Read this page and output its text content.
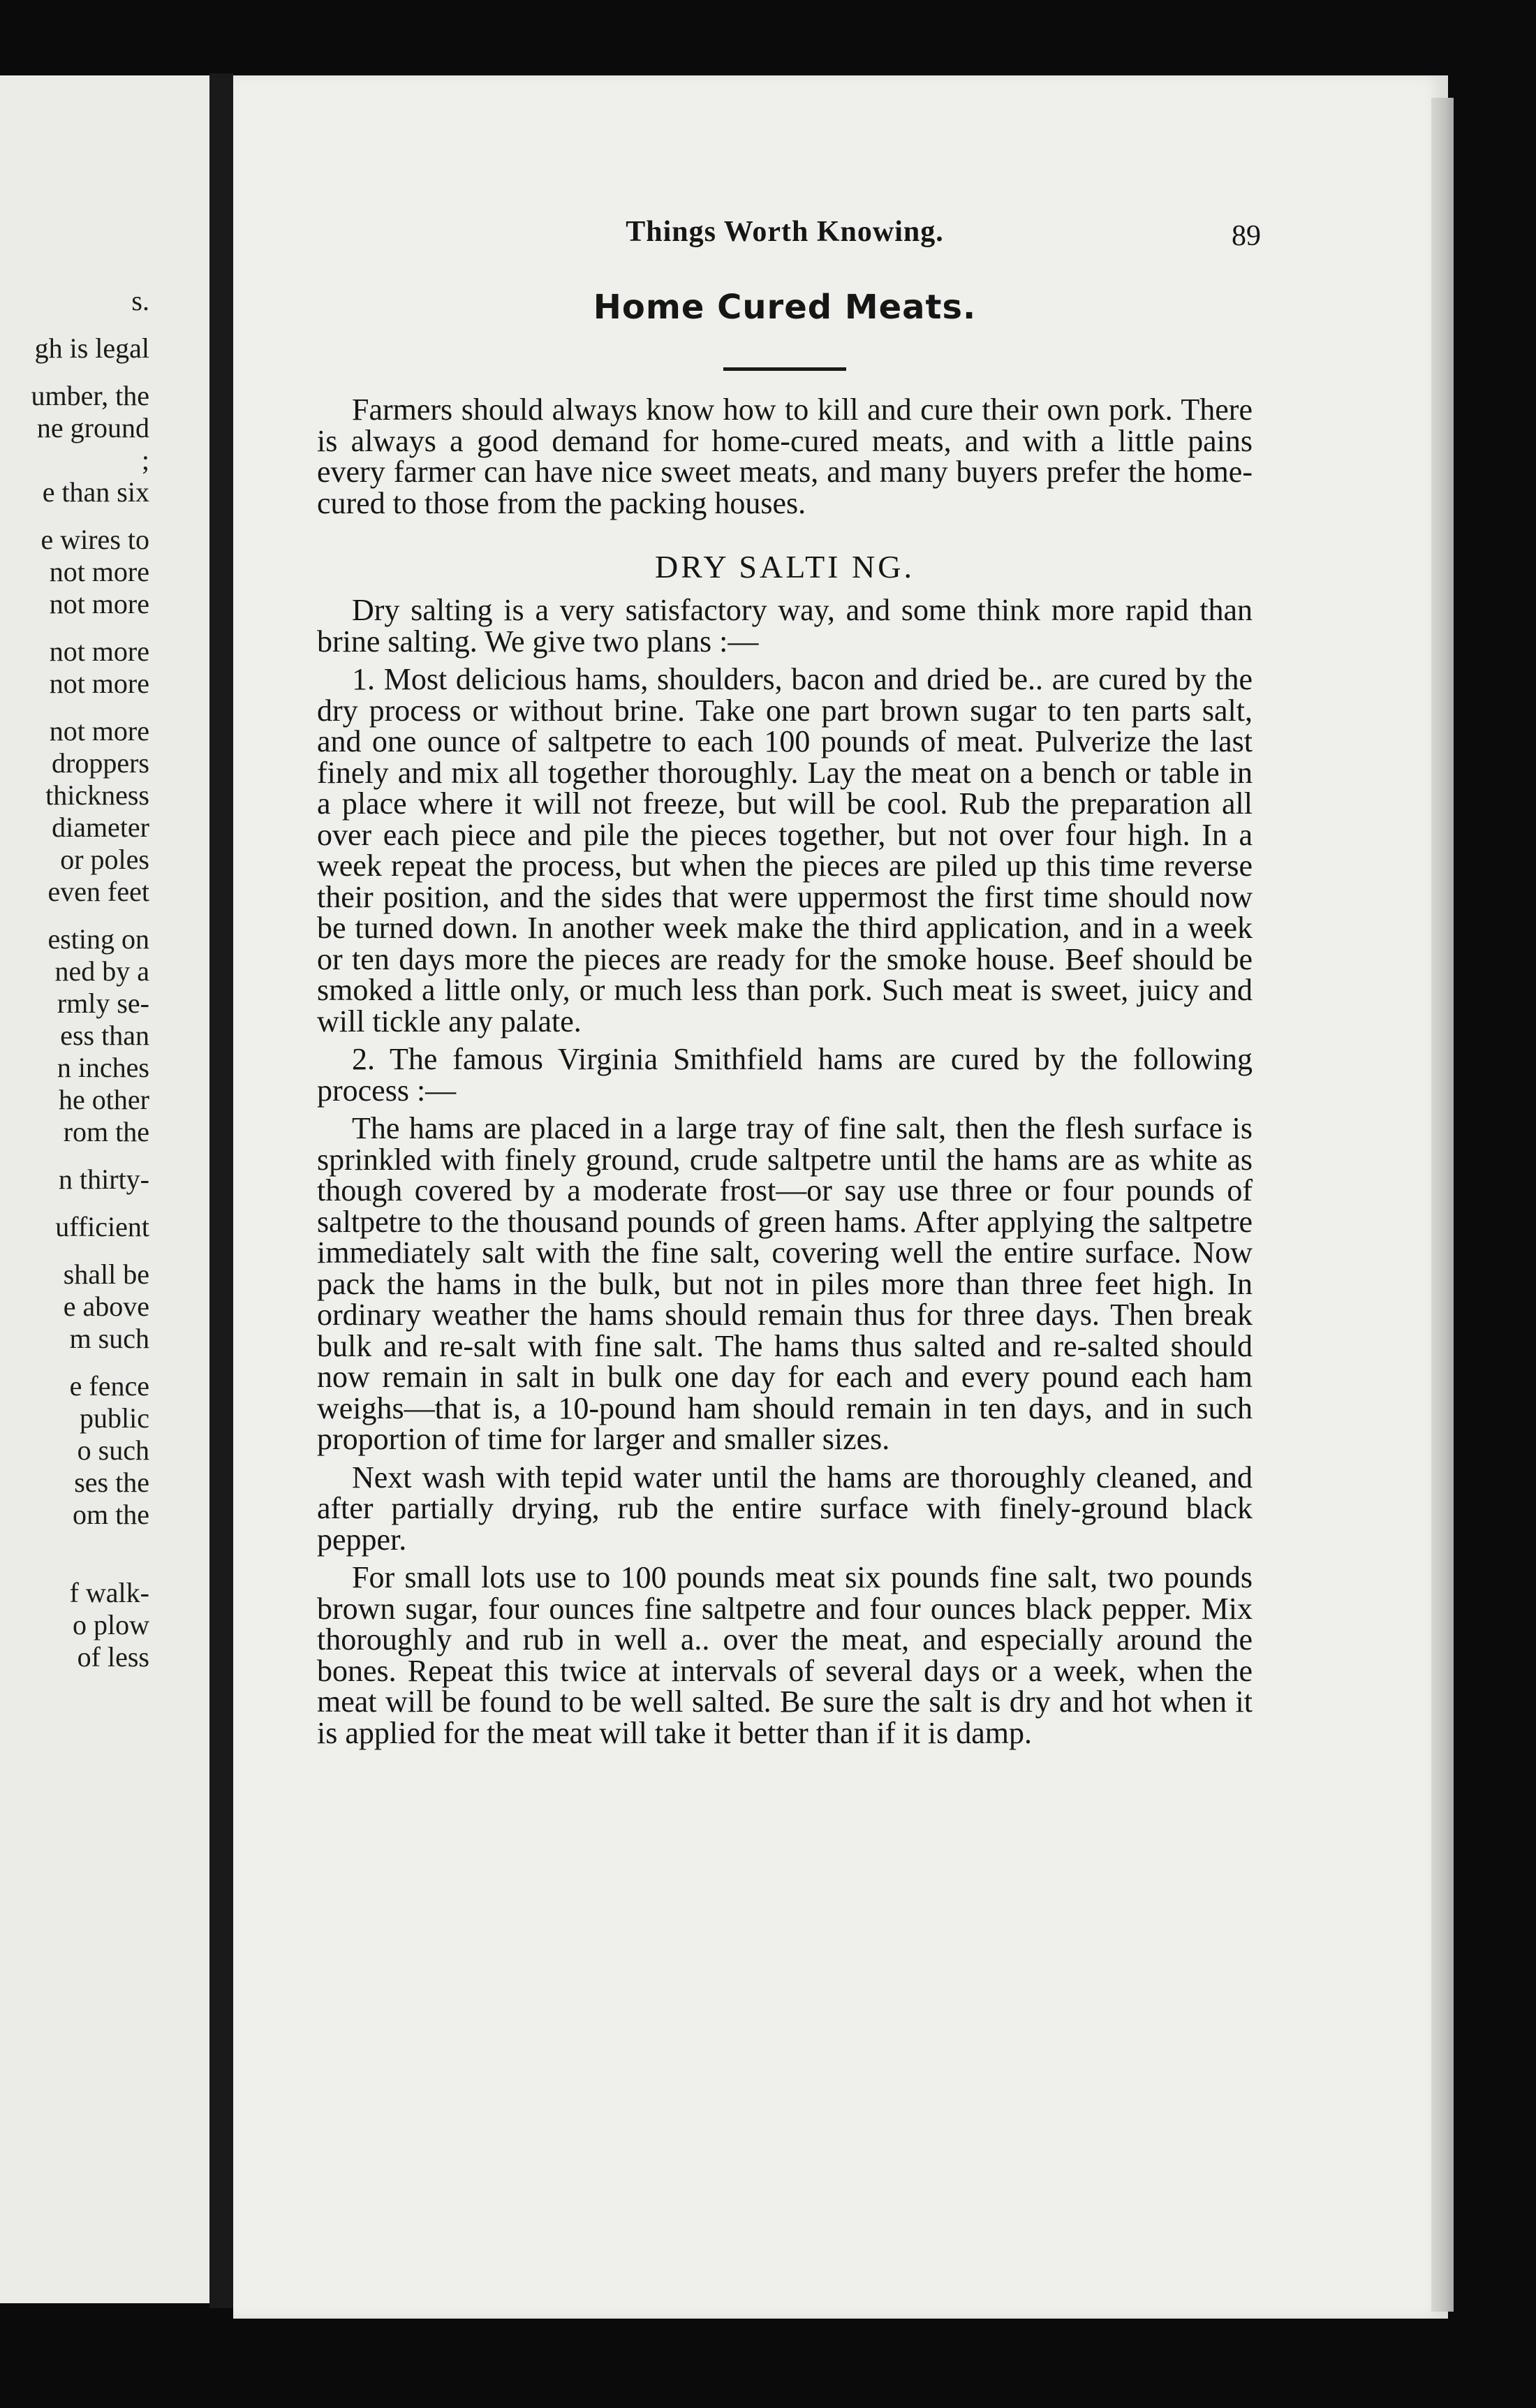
s.
gh is legal
umber, the
ne ground
;
e than six
e wires to
not more
not more
not more
not more
not more
droppers
thickness
diameter
or poles
even feet
esting on
ned by a
rmly se-
ess than
n inches
he other
rom the
n thirty-
ufficient
shall be
e above
m such
e fence
public
o such
ses the
om the
f walk-
o plow
of less
Things Worth Knowing.	89
Home Cured Meats.

Farmers should always know how to kill and cure their own pork. There is always a good demand for home-cured meats, and with a little pains every farmer can have nice sweet meats, and many buyers prefer the home-cured to those from the packing houses.

DRY SALTI NG.

Dry salting is a very satisfactory way, and some think more rapid than brine salting. We give two plans :—

1. Most delicious hams, shoulders, bacon and dried be.. are cured by the dry process or without brine. Take one part brown sugar to ten parts salt, and one ounce of saltpetre to each 100 pounds of meat. Pulverize the last finely and mix all together thoroughly. Lay the meat on a bench or table in a place where it will not freeze, but will be cool. Rub the preparation all over each piece and pile the pieces together, but not over four high. In a week repeat the process, but when the pieces are piled up this time reverse their position, and the sides that were uppermost the first time should now be turned down. In another week make the third application, and in a week or ten days more the pieces are ready for the smoke house. Beef should be smoked a little only, or much less than pork. Such meat is sweet, juicy and will tickle any palate.

2. The famous Virginia Smithfield hams are cured by the following process :—

The hams are placed in a large tray of fine salt, then the flesh surface is sprinkled with finely ground, crude saltpetre until the hams are as white as though covered by a moderate frost—or say use three or four pounds of saltpetre to the thousand pounds of green hams. After applying the saltpetre immediately salt with the fine salt, covering well the entire surface. Now pack the hams in the bulk, but not in piles more than three feet high. In ordinary weather the hams should remain thus for three days. Then break bulk and re-salt with fine salt. The hams thus salted and re-salted should now remain in salt in bulk one day for each and every pound each ham weighs—that is, a 10-pound ham should remain in ten days, and in such proportion of time for larger and smaller sizes.

Next wash with tepid water until the hams are thoroughly cleaned, and after partially drying, rub the entire surface with finely-ground black pepper.

For small lots use to 100 pounds meat six pounds fine salt, two pounds brown sugar, four ounces fine saltpetre and four ounces black pepper. Mix thoroughly and rub in well a.. over the meat, and especially around the bones. Repeat this twice at intervals of several days or a week, when the meat will be found to be well salted. Be sure the salt is dry and hot when it is applied for the meat will take it better than if it is damp.
